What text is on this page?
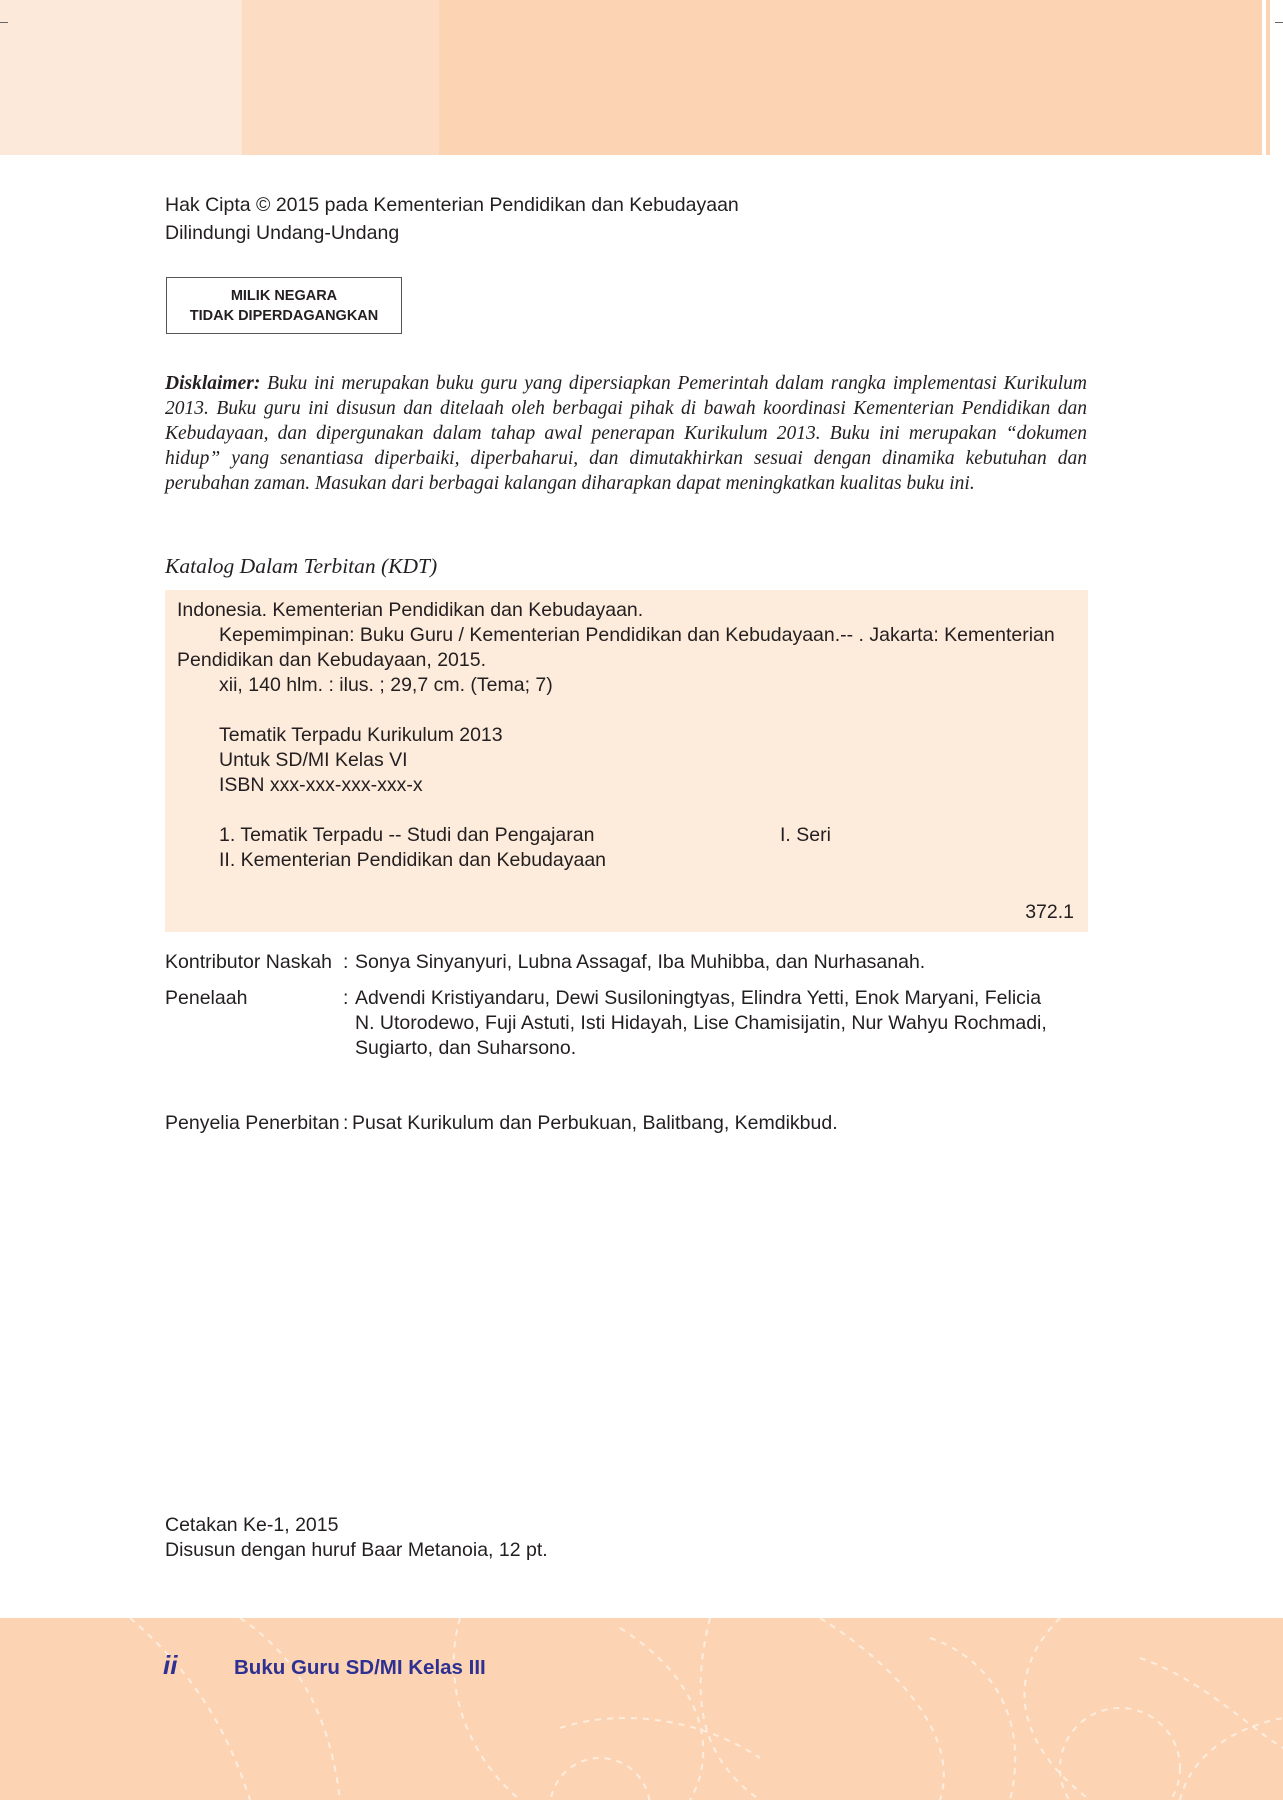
Hak Cipta © 2015 pada Kementerian Pendidikan dan Kebudayaan
Dilindungi Undang-Undang
MILIK NEGARA
TIDAK DIPERDAGANGKAN
Disklaimer: Buku ini merupakan buku guru yang dipersiapkan Pemerintah dalam rangka implementasi Kurikulum 2013. Buku guru ini disusun dan ditelaah oleh berbagai pihak di bawah koordinasi Kementerian Pendidikan dan Kebudayaan, dan dipergunakan dalam tahap awal penerapan Kurikulum 2013. Buku ini merupakan “dokumen hidup” yang senantiasa diperbaiki, diperbaharui, dan dimutakhirkan sesuai dengan dinamika kebutuhan dan perubahan zaman. Masukan dari berbagai kalangan diharapkan dapat meningkatkan kualitas buku ini.
Katalog Dalam Terbitan (KDT)
Indonesia. Kementerian Pendidikan dan Kebudayaan.
Kepemimpinan: Buku Guru / Kementerian Pendidikan dan Kebudayaan.-- . Jakarta: Kementerian
Pendidikan dan Kebudayaan, 2015.
xii, 140 hlm. : ilus. ; 29,7 cm. (Tema; 7)
Tematik Terpadu Kurikulum 2013
Untuk SD/MI Kelas VI
ISBN xxx-xxx-xxx-xxx-x
1. Tematik Terpadu -- Studi dan Pengajaran	I. Seri
II. Kementerian Pendidikan dan Kebudayaan
372.1
Kontributor Naskah : Sonya Sinyanyuri, Lubna Assagaf, Iba Muhibba, dan Nurhasanah.
Penelaah	: Advendi Kristiyandaru, Dewi Susiloningtyas, Elindra Yetti, Enok Maryani, Felicia
N. Utorodewo, Fuji Astuti, Isti Hidayah, Lise Chamisijatin, Nur Wahyu Rochmadi,
Sugiarto, dan Suharsono.
Penyelia Penerbitan : Pusat Kurikulum dan Perbukuan, Balitbang, Kemdikbud.
Cetakan Ke-1, 2015
Disusun dengan huruf Baar Metanoia, 12 pt.
ii	Buku Guru SD/MI Kelas III
